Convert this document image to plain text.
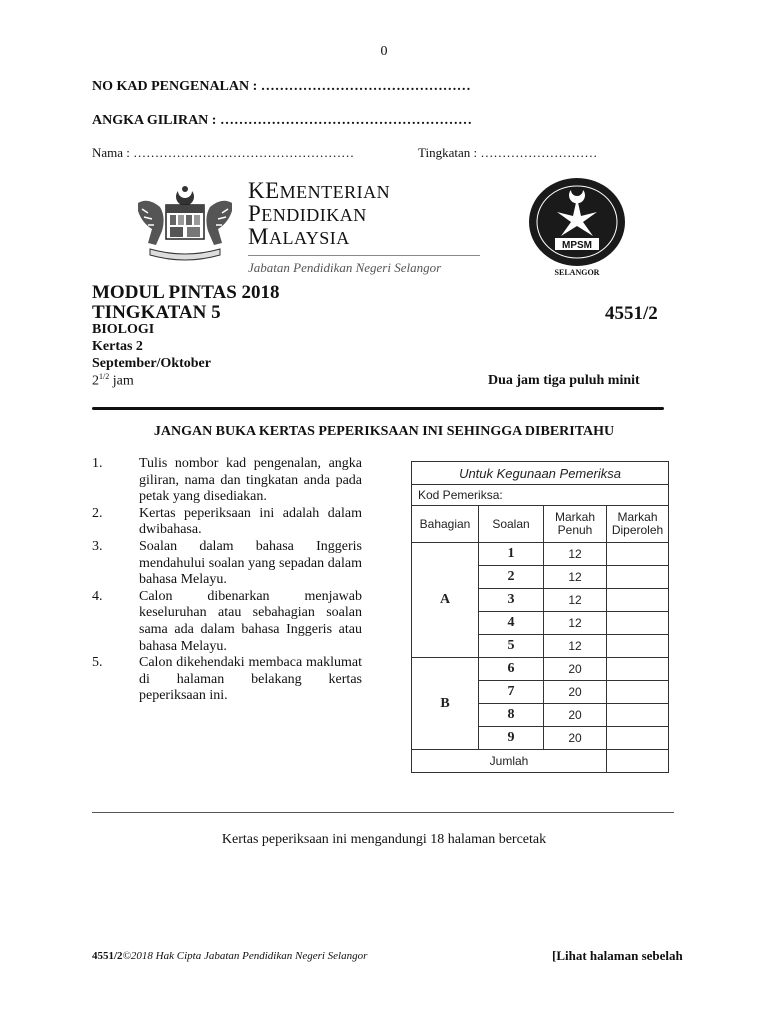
0
NO KAD PENGENALAN : ………………………………………
ANGKA GILIRAN : ………………………………………………
Nama : ……………………………………………	Tingkatan : ………………………
KEMENTERIAN
PENDIDIKAN
MALAYSIA
Jabatan Pendidikan Negeri Selangor
MPSM
SELANGOR
MODUL PINTAS 2018
TINGKATAN 5	4551/2
BIOLOGI
Kertas 2
September/Oktober
$2^{1/2}$ jam	Dua jam tiga puluh minit
JANGAN BUKA KERTAS PEPERIKSAAN INI SEHINGGA DIBERITAHU
1.	Tulis nombor kad pengenalan, angka giliran, nama dan tingkatan anda pada petak yang disediakan.
2.	Kertas peperiksaan ini adalah dalam dwibahasa.
3.	Soalan dalam bahasa Inggeris mendahului soalan yang sepadan dalam bahasa Melayu.
4.	Calon dibenarkan menjawab keseluruhan atau sebahagian soalan sama ada dalam bahasa Inggeris atau bahasa Melayu.
5.	Calon dikehendaki membaca maklumat di halaman belakang kertas peperiksaan ini.
Untuk Kegunaan Pemeriksa			
Kod Pemeriksa:			
Bahagian	Soalan	Markah Penuh	Markah Diperoleh
A	1	12	
	2	12	
	3	12	
	4	12	
	5	12	
B	6	20	
	7	20	
	8	20	
	9	20	
Jumlah			
Kertas peperiksaan ini mengandungi 18 halaman bercetak
4551/2©2018 Hak Cipta Jabatan Pendidikan Negeri Selangor	[Lihat halaman sebelah
